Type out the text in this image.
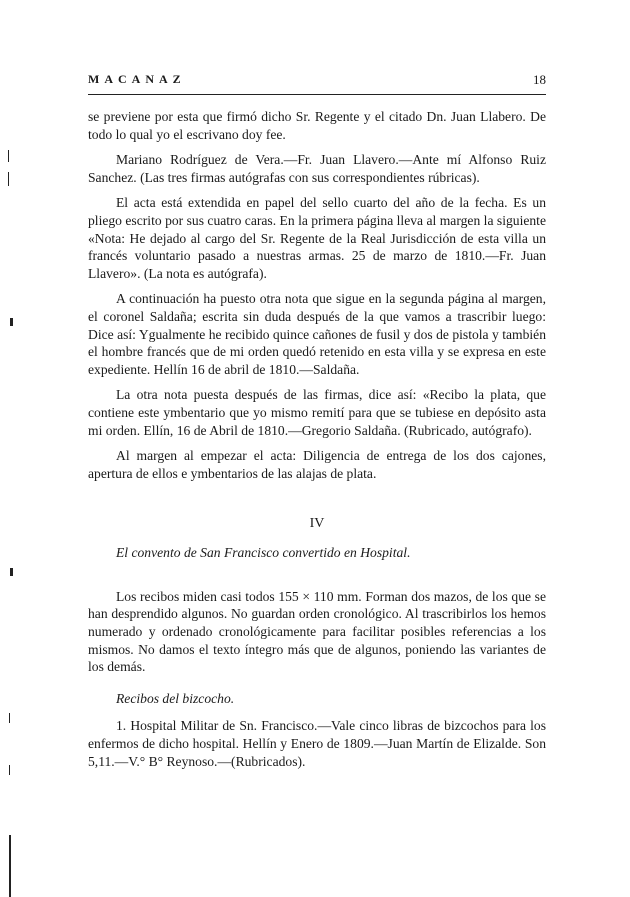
MACANAZ	18

se previene por esta que firmó dicho Sr. Regente y el citado Dn. Juan Llabero. De todo lo qual yo el escrivano doy fee.

Mariano Rodríguez de Vera.—Fr. Juan Llavero.—Ante mí Alfonso Ruiz Sanchez. (Las tres firmas autógrafas con sus correspondientes rúbricas).

El acta está extendida en papel del sello cuarto del año de la fecha. Es un pliego escrito por sus cuatro caras. En la primera página lleva al margen la siguiente «Nota: He dejado al cargo del Sr. Regente de la Real Jurisdicción de esta villa un francés voluntario pasado a nuestras armas. 25 de marzo de 1810.—Fr. Juan Llavero». (La nota es autógrafa).

A continuación ha puesto otra nota que sigue en la segunda página al margen, el coronel Saldaña; escrita sin duda después de la que vamos a trascribir luego: Dice así: Ygualmente he recibido quince cañones de fusil y dos de pistola y también el hombre francés que de mi orden quedó retenido en esta villa y se expresa en este expediente. Hellín 16 de abril de 1810.—Saldaña.

La otra nota puesta después de las firmas, dice así: «Recibo la plata, que contiene este ymbentario que yo mismo remití para que se tubiese en depósito asta mi orden. Ellín, 16 de Abril de 1810.—Gregorio Saldaña. (Rubricado, autógrafo).

Al margen al empezar el acta: Diligencia de entrega de los dos cajones, apertura de ellos e ymbentarios de las alajas de plata.

IV
El convento de San Francisco convertido en Hospital.

Los recibos miden casi todos 155 × 110 mm. Forman dos mazos, de los que se han desprendido algunos. No guardan orden cronológico. Al trascribirlos los hemos numerado y ordenado cronológicamente para facilitar posibles referencias a los mismos. No damos el texto íntegro más que de algunos, poniendo las variantes de los demás.

Recibos del bizcocho.

1. Hospital Militar de Sn. Francisco.—Vale cinco libras de bizcochos para los enfermos de dicho hospital. Hellín y Enero de 1809.—Juan Martín de Elizalde. Son 5,11.—V.° B° Reynoso.—(Rubricados).
